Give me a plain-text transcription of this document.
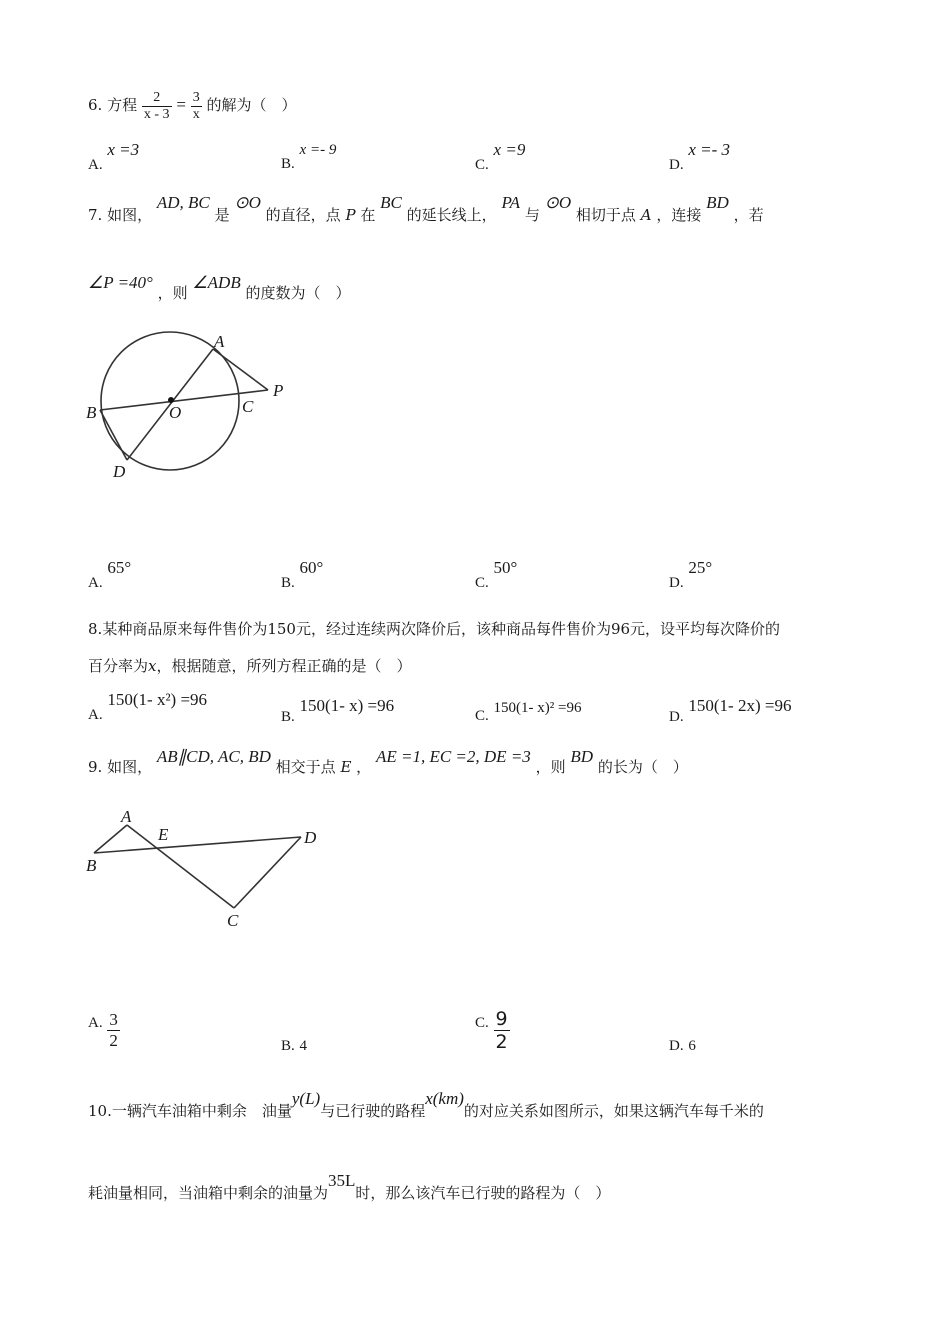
6. 方程 $\frac{2}{x - 3} = \frac{3}{x}$ 的解为（　）
A. x =3
B. x =- 9
C. x =9
D. x =- 3
7. 如图， AD, BC 是 ⊙O 的直径，点 P 在 BC 的延长线上， PA 与 ⊙O 相切于点 A ，连接 BD ，若
∠P =40° ，则 ∠ADB 的度数为（　）
A
B	O	C
P
D
A. 65°
B. 60°
C. 50°
D. 25°
8.某种商品原来每件售价为150元，经过连续两次降价后，该种商品每件售价为96元，设平均每次降价的
百分率为x，根据随意，所列方程正确的是（　）
A. 150(1- x²) =96
B. 150(1- x) =96
C. 150(1- x)² =96
D. 150(1- 2x) =96
9. 如图， AB∥CD, AC, BD 相交于点 E ， AE =1, EC =2, DE =3 ，则 BD 的长为（　）
A
B
E	D
C
A. $\frac{3}{2}$	B. 4
C. $\frac{9}{2}$	D. 6
10.一辆汽车油箱中剩余　油量y(L)与已行驶的路程x(km)的对应关系如图所示，如果这辆汽车每千米的
耗油量相同，当油箱中剩余的油量为35L时，那么该汽车已行驶的路程为（　）
